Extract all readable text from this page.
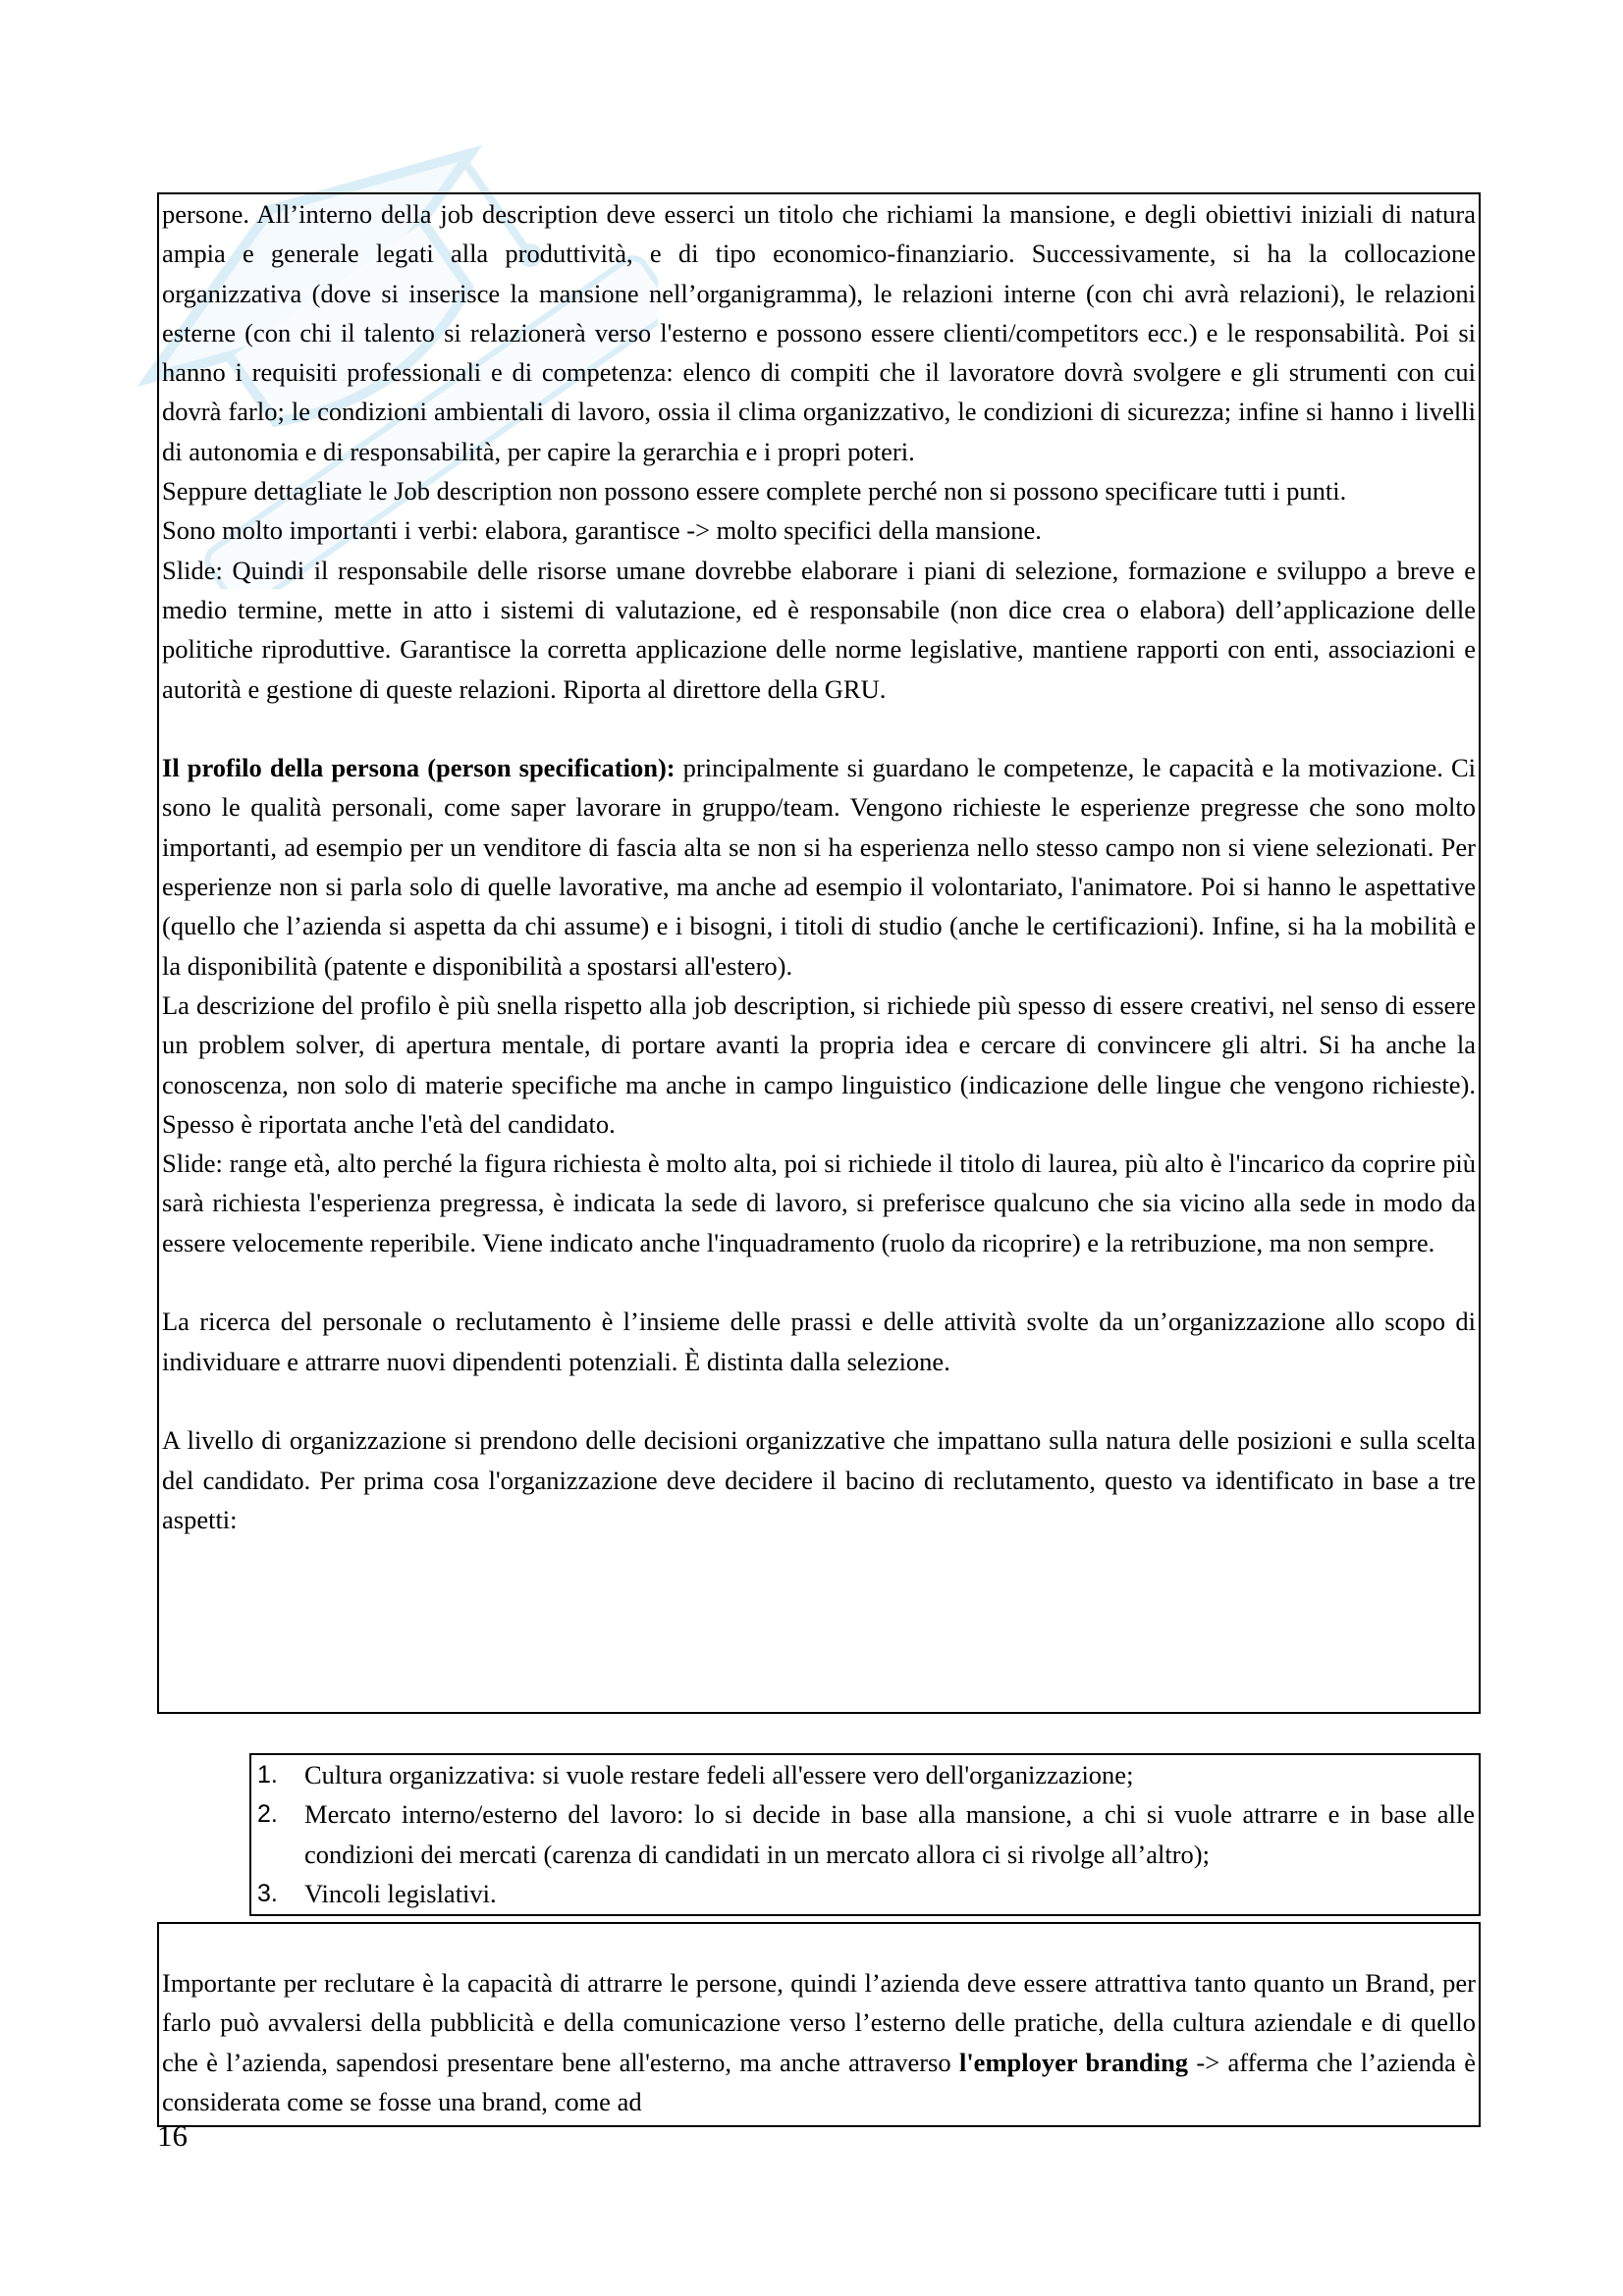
persone. All’interno della job description deve esserci un titolo che richiami la mansione, e degli obiettivi iniziali di natura ampia e generale legati alla produttività, e di tipo economico-finanziario. Successivamente, si ha la collocazione organizzativa (dove si inserisce la mansione nell’organigramma), le relazioni interne (con chi avrà relazioni), le relazioni esterne (con chi il talento si relazionerà verso l'esterno e possono essere clienti/competitors ecc.) e le responsabilità. Poi si hanno i requisiti professionali e di competenza: elenco di compiti che il lavoratore dovrà svolgere e gli strumenti con cui dovrà farlo; le condizioni ambientali di lavoro, ossia il clima organizzativo, le condizioni di sicurezza; infine si hanno i livelli di autonomia e di responsabilità, per capire la gerarchia e i propri poteri.

Seppure dettagliate le Job description non possono essere complete perché non si possono specificare tutti i punti.

Sono molto importanti i verbi: elabora, garantisce -> molto specifici della mansione.

Slide: Quindi il responsabile delle risorse umane dovrebbe elaborare i piani di selezione, formazione e sviluppo a breve e medio termine, mette in atto i sistemi di valutazione, ed è responsabile (non dice crea o elabora) dell’applicazione delle politiche riproduttive. Garantisce la corretta applicazione delle norme legislative, mantiene rapporti con enti, associazioni e autorità e gestione di queste relazioni. Riporta al direttore della GRU.

Il profilo della persona (person specification): principalmente si guardano le competenze, le capacità e la motivazione. Ci sono le qualità personali, come saper lavorare in gruppo/team. Vengono richieste le esperienze pregresse che sono molto importanti, ad esempio per un venditore di fascia alta se non si ha esperienza nello stesso campo non si viene selezionati. Per esperienze non si parla solo di quelle lavorative, ma anche ad esempio il volontariato, l'animatore. Poi si hanno le aspettative (quello che l’azienda si aspetta da chi assume) e i bisogni, i titoli di studio (anche le certificazioni). Infine, si ha la mobilità e la disponibilità (patente e disponibilità a spostarsi all'estero).

La descrizione del profilo è più snella rispetto alla job description, si richiede più spesso di essere creativi, nel senso di essere un problem solver, di apertura mentale, di portare avanti la propria idea e cercare di convincere gli altri. Si ha anche la conoscenza, non solo di materie specifiche ma anche in campo linguistico (indicazione delle lingue che vengono richieste). Spesso è riportata anche l'età del candidato.

Slide: range età, alto perché la figura richiesta è molto alta, poi si richiede il titolo di laurea, più alto è l'incarico da coprire più sarà richiesta l'esperienza pregressa, è indicata la sede di lavoro, si preferisce qualcuno che sia vicino alla sede in modo da essere velocemente reperibile. Viene indicato anche l'inquadramento (ruolo da ricoprire) e la retribuzione, ma non sempre.

La ricerca del personale o reclutamento è l’insieme delle prassi e delle attività svolte da un’organizzazione allo scopo di individuare e attrarre nuovi dipendenti potenziali. È distinta dalla selezione.

A livello di organizzazione si prendono delle decisioni organizzative che impattano sulla natura delle posizioni e sulla scelta del candidato. Per prima cosa l'organizzazione deve decidere il bacino di reclutamento, questo va identificato in base a tre aspetti:

1. Cultura organizzativa: si vuole restare fedeli all'essere vero dell'organizzazione;
2. Mercato interno/esterno del lavoro: lo si decide in base alla mansione, a chi si vuole attrarre e in base alle condizioni dei mercati (carenza di candidati in un mercato allora ci si rivolge all’altro);
3. Vincoli legislativi.

Importante per reclutare è la capacità di attrarre le persone, quindi l’azienda deve essere attrattiva tanto quanto un Brand, per farlo può avvalersi della pubblicità e della comunicazione verso l’esterno delle pratiche, della cultura aziendale e di quello che è l’azienda, sapendosi presentare bene all'esterno, ma anche attraverso l'employer branding -> afferma che l’azienda è considerata come se fosse una brand, come ad

16
